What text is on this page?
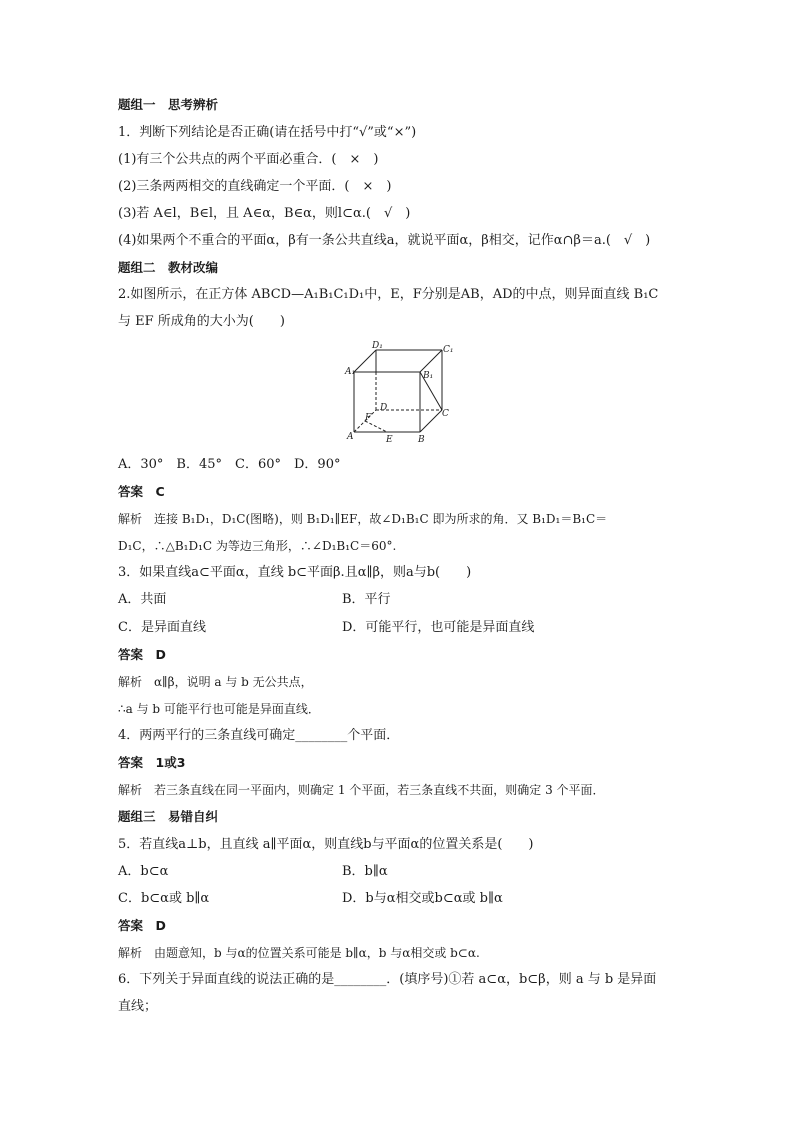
题组一　思考辨析
1．判断下列结论是否正确(请在括号中打“√”或“×”)
(1)有三个公共点的两个平面必重合．(　×　)
(2)三条两两相交的直线确定一个平面．(　×　)
(3)若 A∈l，B∈l，且 A∈α，B∈α，则l⊂α.(　√　)
(4)如果两个不重合的平面α，β有一条公共直线a，就说平面α，β相交，记作α∩β＝a.(　√　)
题组二　教材改编
2.如图所示，在正方体 ABCD—A₁B₁C₁D₁中，E，F分别是AB，AD的中点，则异面直线 B₁C
与 EF 所成角的大小为(　　)
D₁	C₁
A₁	B₁
D
C
F
A	E	B
A．30°　B．45°　C．60°　D．90°
答案　C
解析　连接 B₁D₁，D₁C(图略)，则 B₁D₁∥EF，故∠D₁B₁C 即为所求的角．又 B₁D₁＝B₁C＝
D₁C，∴△B₁D₁C 为等边三角形，∴∠D₁B₁C＝60°.
3．如果直线a⊂平面α，直线 b⊂平面β.且α∥β，则a与b(　　)
A．共面	B．平行
C．是异面直线	D．可能平行，也可能是异面直线
答案　D
解析　α∥β，说明 a 与 b 无公共点，
∴a 与 b 可能平行也可能是异面直线．
4．两两平行的三条直线可确定________个平面．
答案　1或3
解析　若三条直线在同一平面内，则确定 1 个平面，若三条直线不共面，则确定 3 个平面．
题组三　易错自纠
5．若直线a⊥b，且直线 a∥平面α，则直线b与平面α的位置关系是(　　)
A．b⊂α	B．b∥α
C．b⊂α或 b∥α	D．b与α相交或b⊂α或 b∥α
答案　D
解析　由题意知，b 与α的位置关系可能是 b∥α，b 与α相交或 b⊂α.
6．下列关于异面直线的说法正确的是________．(填序号)①若 a⊂α，b⊂β，则 a 与 b 是异面
直线；
